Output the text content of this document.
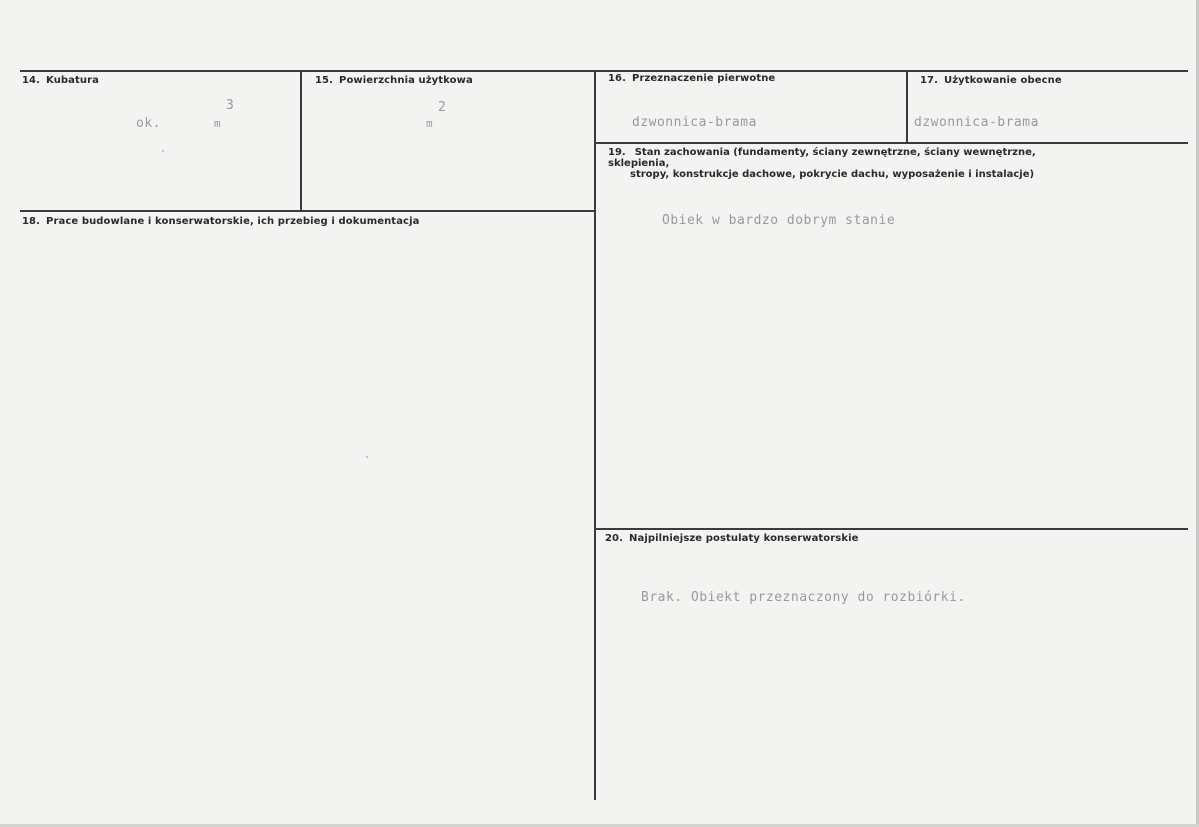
14. Kubatura
3
ok.	m
15. Powierzchnia użytkowa
2
m
16. Przeznaczenie pierwotne
dzwonnica-brama
17. Użytkowanie obecne
dzwonnica-brama
18. Prace budowlane i konserwatorskie, ich przebieg i dokumentacja
19. Stan zachowania (fundamenty, ściany zewnętrzne, ściany wewnętrzne, sklepienia,
stropy, konstrukcje dachowe, pokrycie dachu, wyposażenie i instalacje)
Obiek w bardzo dobrym stanie
20. Najpilniejsze postulaty konserwatorskie
Brak. Obiekt przeznaczony do rozbiórki.
